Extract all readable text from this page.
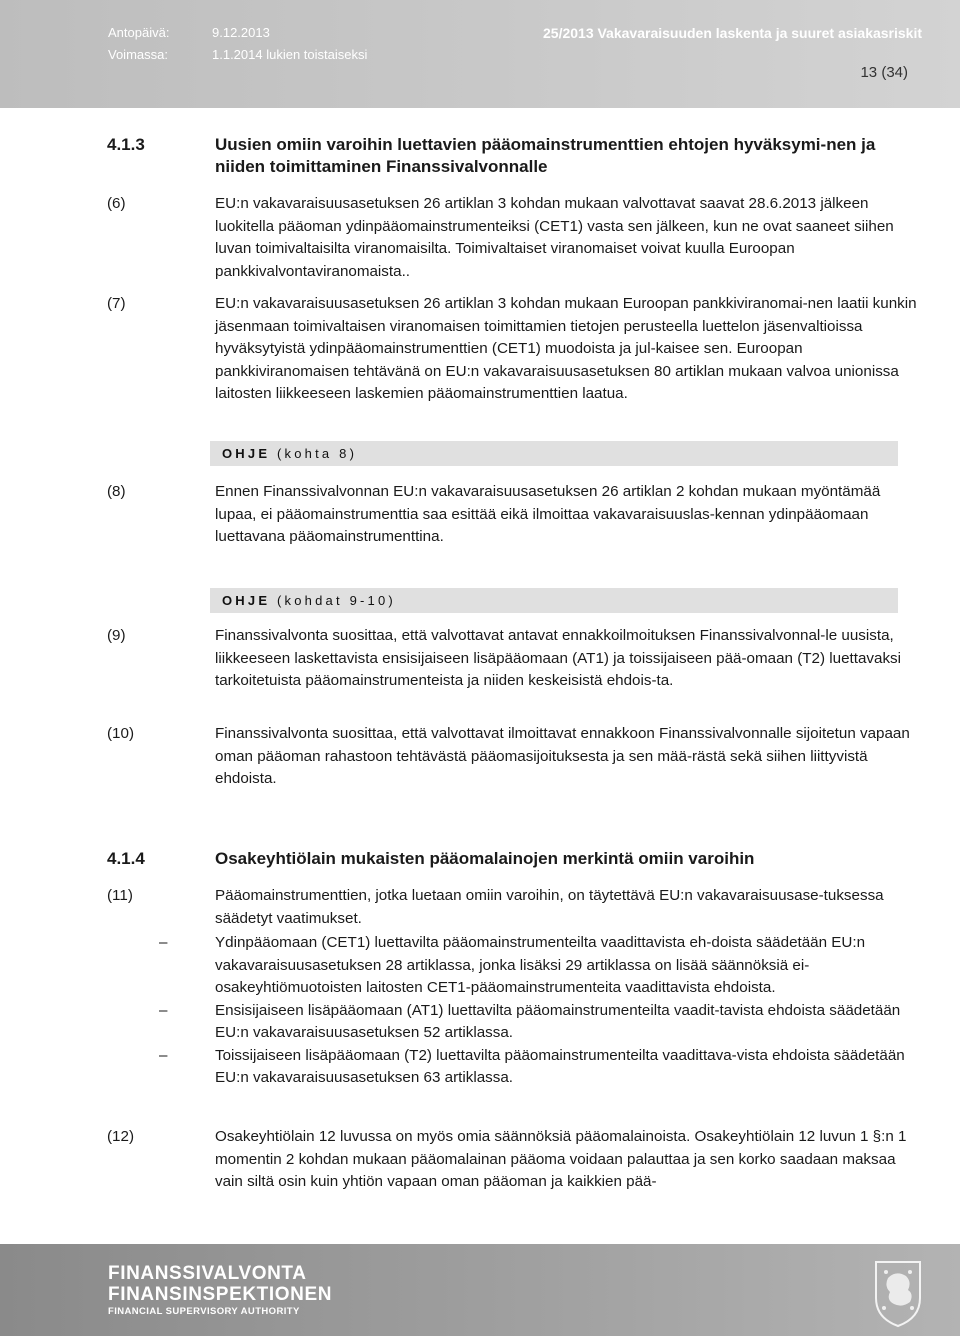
Antopäivä:	9.12.2013
Voimassa:	1.1.2014 lukien toistaiseksi
25/2013 Vakavaraisuuden laskenta ja suuret asiakasriskit
13 (34)
4.1.3	Uusien omiin varoihin luettavien pääomainstrumenttien ehtojen hyväksymi-nen ja niiden toimittaminen Finanssivalvonnalle
(6)	EU:n vakavaraisuusasetuksen 26 artiklan 3 kohdan mukaan valvottavat saavat 28.6.2013 jälkeen luokitella pääoman ydinpääomainstrumenteiksi (CET1) vasta sen jälkeen, kun ne ovat saaneet siihen luvan toimivaltaisilta viranomaisilta. Toimivaltaiset viranomaiset voivat kuulla Euroopan pankkivalvontaviranomaista..
(7)	EU:n vakavaraisuusasetuksen 26 artiklan 3 kohdan mukaan Euroopan pankkiviranomai-nen laatii kunkin jäsenmaan toimivaltaisen viranomaisen toimittamien tietojen perusteella luettelon jäsenvaltioissa hyväksytyistä ydinpääomainstrumenttien (CET1) muodoista ja jul-kaisee sen. Euroopan pankkiviranomaisen tehtävänä on EU:n vakavaraisuusasetuksen 80 artiklan mukaan valvoa unionissa laitosten liikkeeseen laskemien pääomainstrumenttien laatua.
OHJE (kohta 8)
(8)	Ennen Finanssivalvonnan EU:n vakavaraisuusasetuksen 26 artiklan 2 kohdan mukaan myöntämää lupaa, ei pääomainstrumenttia saa esittää eikä ilmoittaa vakavaraisuuslas-kennan ydinpääomaan luettavana pääomainstrumenttina.
OHJE (kohdat 9-10)
(9)	Finanssivalvonta suosittaa, että valvottavat antavat ennakkoilmoituksen Finanssivalvonnal-le uusista, liikkeeseen laskettavista ensisijaiseen lisäpääomaan (AT1) ja toissijaiseen pää-omaan (T2) luettavaksi tarkoitetuista pääomainstrumenteista ja niiden keskeisistä ehdois-ta.
(10)	Finanssivalvonta suosittaa, että valvottavat ilmoittavat ennakkoon Finanssivalvonnalle sijoitetun vapaan oman pääoman rahastoon tehtävästä pääomasijoituksesta ja sen mää-rästä sekä siihen liittyvistä ehdoista.
4.1.4	Osakeyhtiölain mukaisten pääomalainojen merkintä omiin varoihin
(11)	Pääomainstrumenttien, jotka luetaan omiin varoihin, on täytettävä EU:n vakavaraisuusase-tuksessa säädetyt vaatimukset.
–	Ydinpääomaan (CET1) luettavilta pääomainstrumenteilta vaadittavista eh-doista säädetään EU:n vakavaraisuusasetuksen 28 artiklassa, jonka lisäksi 29 artiklassa on lisää säännöksiä ei-osakeyhtiömuotoisten laitosten CET1-pääomainstrumenteita vaadittavista ehdoista.
–	Ensisijaiseen lisäpääomaan (AT1) luettavilta pääomainstrumenteilta vaadit-tavista ehdoista säädetään EU:n vakavaraisuusasetuksen 52 artiklassa.
–	Toissijaiseen lisäpääomaan (T2) luettavilta pääomainstrumenteilta vaadittava-vista ehdoista säädetään EU:n vakavaraisuusasetuksen 63 artiklassa.
(12)	Osakeyhtiölain 12 luvussa on myös omia säännöksiä pääomalainoista. Osakeyhtiölain 12 luvun 1 §:n 1 momentin 2 kohdan mukaan pääomalainan pääoma voidaan palauttaa ja sen korko saadaan maksaa vain siltä osin kuin yhtiön vapaan oman pääoman ja kaikkien pää-
FINANSSIVALVONTA
FINANSINSPEKTIONEN
FINANCIAL SUPERVISORY AUTHORITY
